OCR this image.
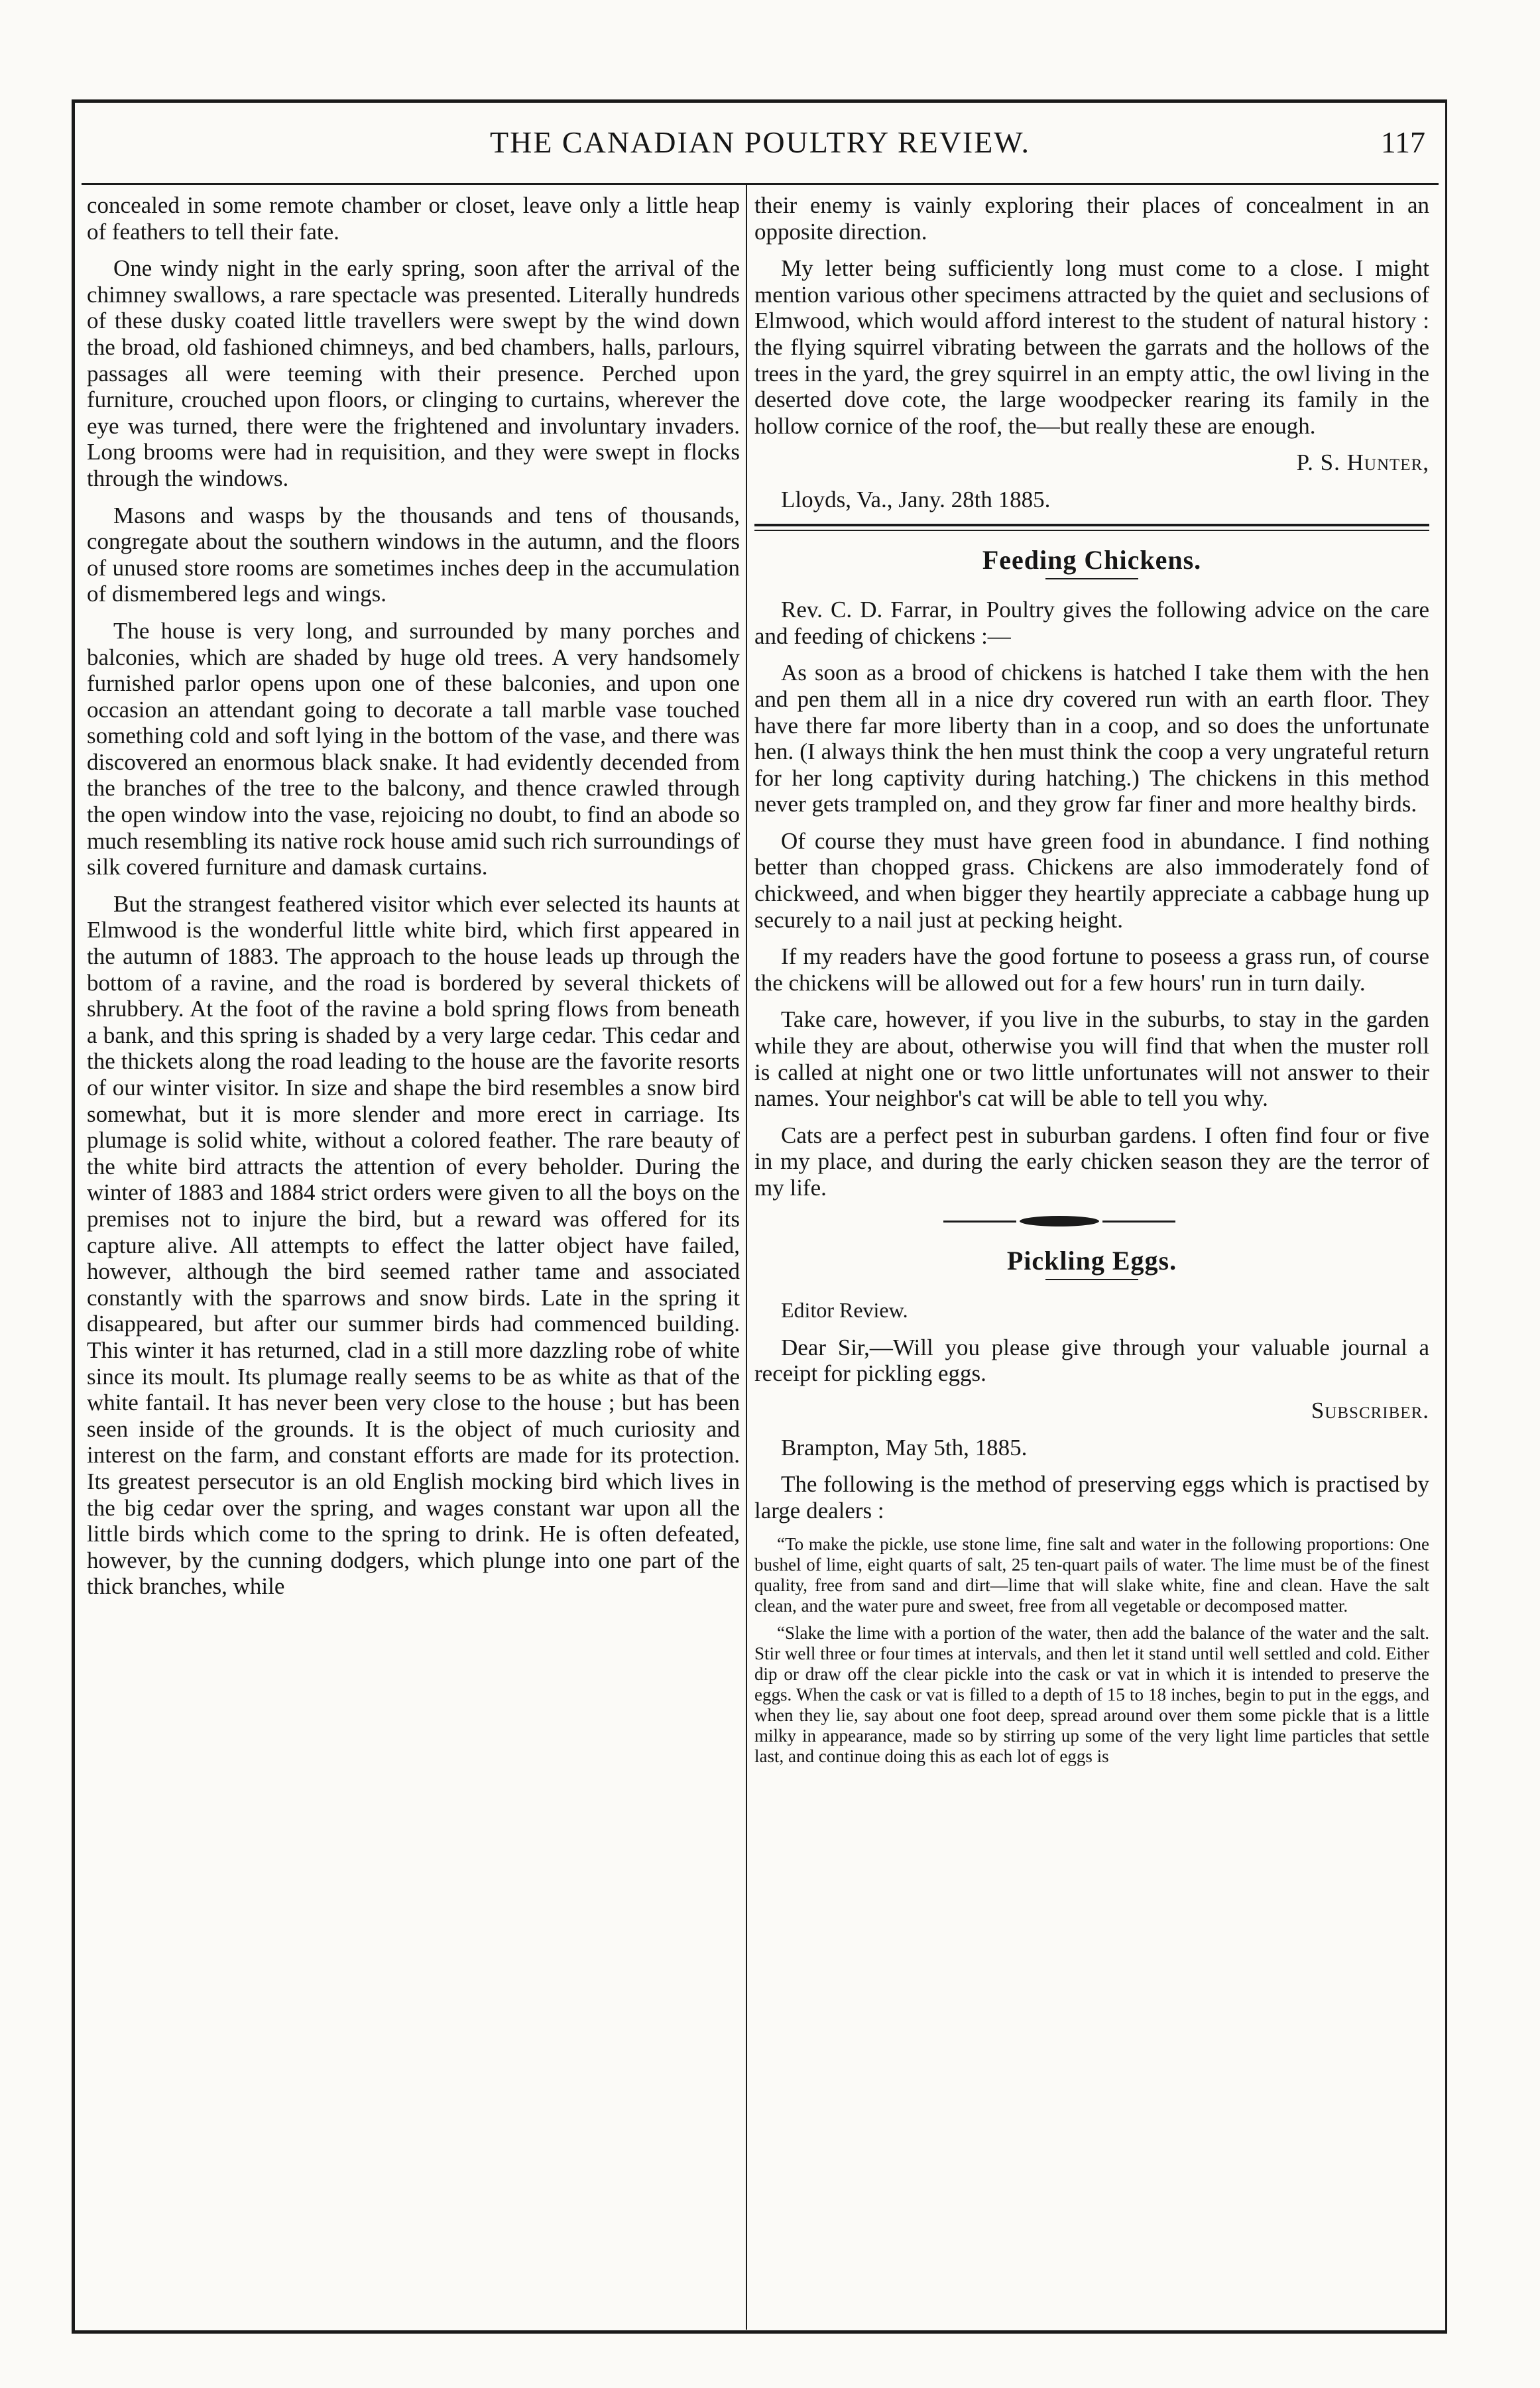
THE CANADIAN POULTRY REVIEW.	117

concealed in some remote chamber or closet, leave only a little heap of feathers to tell their fate.

One windy night in the early spring, soon after the arrival of the chimney swallows, a rare spectacle was presented. Literally hundreds of these dusky coated little travellers were swept by the wind down the broad, old fashioned chimneys, and bed chambers, halls, parlours, passages all were teeming with their presence. Perched upon furniture, crouched upon floors, or clinging to curtains, wherever the eye was turned, there were the frightened and involuntary invaders. Long brooms were had in requisition, and they were swept in flocks through the windows.

Masons and wasps by the thousands and tens of thousands, congregate about the southern windows in the autumn, and the floors of unused store rooms are sometimes inches deep in the accumulation of dismembered legs and wings.

The house is very long, and surrounded by many porches and balconies, which are shaded by huge old trees. A very handsomely furnished parlor opens upon one of these balconies, and upon one occasion an attendant going to decorate a tall marble vase touched something cold and soft lying in the bottom of the vase, and there was discovered an enormous black snake. It had evidently decended from the branches of the tree to the balcony, and thence crawled through the open window into the vase, rejoicing no doubt, to find an abode so much resembling its native rock house amid such rich surroundings of silk covered furniture and damask curtains.

But the strangest feathered visitor which ever selected its haunts at Elmwood is the wonderful little white bird, which first appeared in the autumn of 1883. The approach to the house leads up through the bottom of a ravine, and the road is bordered by several thickets of shrubbery. At the foot of the ravine a bold spring flows from beneath a bank, and this spring is shaded by a very large cedar. This cedar and the thickets along the road leading to the house are the favorite resorts of our winter visitor. In size and shape the bird resembles a snow bird somewhat, but it is more slender and more erect in carriage. Its plumage is solid white, without a colored feather. The rare beauty of the white bird attracts the attention of every beholder. During the winter of 1883 and 1884 strict orders were given to all the boys on the premises not to injure the bird, but a reward was offered for its capture alive. All attempts to effect the latter object have failed, however, although the bird seemed rather tame and associated constantly with the sparrows and snow birds. Late in the spring it disappeared, but after our summer birds had commenced building. This winter it has returned, clad in a still more dazzling robe of white since its moult. Its plumage really seems to be as white as that of the white fantail. It has never been very close to the house ; but has been seen inside of the grounds. It is the object of much curiosity and interest on the farm, and constant efforts are made for its protection. Its greatest persecutor is an old English mocking bird which lives in the big cedar over the spring, and wages constant war upon all the little birds which come to the spring to drink. He is often defeated, however, by the cunning dodgers, which plunge into one part of the thick branches, while

their enemy is vainly exploring their places of concealment in an opposite direction.

My letter being sufficiently long must come to a close. I might mention various other specimens attracted by the quiet and seclusions of Elmwood, which would afford interest to the student of natural history : the flying squirrel vibrating between the garrats and the hollows of the trees in the yard, the grey squirrel in an empty attic, the owl living in the deserted dove cote, the large woodpecker rearing its family in the hollow cornice of the roof, the—but really these are enough.

P. S. Hunter,

Lloyds, Va., Jany. 28th 1885.

Feeding Chickens.

Rev. C. D. Farrar, in Poultry gives the following advice on the care and feeding of chickens :—

As soon as a brood of chickens is hatched I take them with the hen and pen them all in a nice dry covered run with an earth floor. They have there far more liberty than in a coop, and so does the unfortunate hen. (I always think the hen must think the coop a very ungrateful return for her long captivity during hatching.) The chickens in this method never gets trampled on, and they grow far finer and more healthy birds.

Of course they must have green food in abundance. I find nothing better than chopped grass. Chickens are also immoderately fond of chickweed, and when bigger they heartily appreciate a cabbage hung up securely to a nail just at pecking height.

If my readers have the good fortune to poseess a grass run, of course the chickens will be allowed out for a few hours' run in turn daily.

Take care, however, if you live in the suburbs, to stay in the garden while they are about, otherwise you will find that when the muster roll is called at night one or two little unfortunates will not answer to their names. Your neighbor's cat will be able to tell you why.

Cats are a perfect pest in suburban gardens. I often find four or five in my place, and during the early chicken season they are the terror of my life.

Pickling Eggs.

Editor Review.

Dear Sir,—Will you please give through your valuable journal a receipt for pickling eggs.

Subscriber.

Brampton, May 5th, 1885.

The following is the method of preserving eggs which is practised by large dealers :

“To make the pickle, use stone lime, fine salt and water in the following proportions: One bushel of lime, eight quarts of salt, 25 ten-quart pails of water. The lime must be of the finest quality, free from sand and dirt—lime that will slake white, fine and clean. Have the salt clean, and the water pure and sweet, free from all vegetable or decomposed matter.

“Slake the lime with a portion of the water, then add the balance of the water and the salt. Stir well three or four times at intervals, and then let it stand until well settled and cold. Either dip or draw off the clear pickle into the cask or vat in which it is intended to preserve the eggs. When the cask or vat is filled to a depth of 15 to 18 inches, begin to put in the eggs, and when they lie, say about one foot deep, spread around over them some pickle that is a little milky in appearance, made so by stirring up some of the very light lime particles that settle last, and continue doing this as each lot of eggs is
